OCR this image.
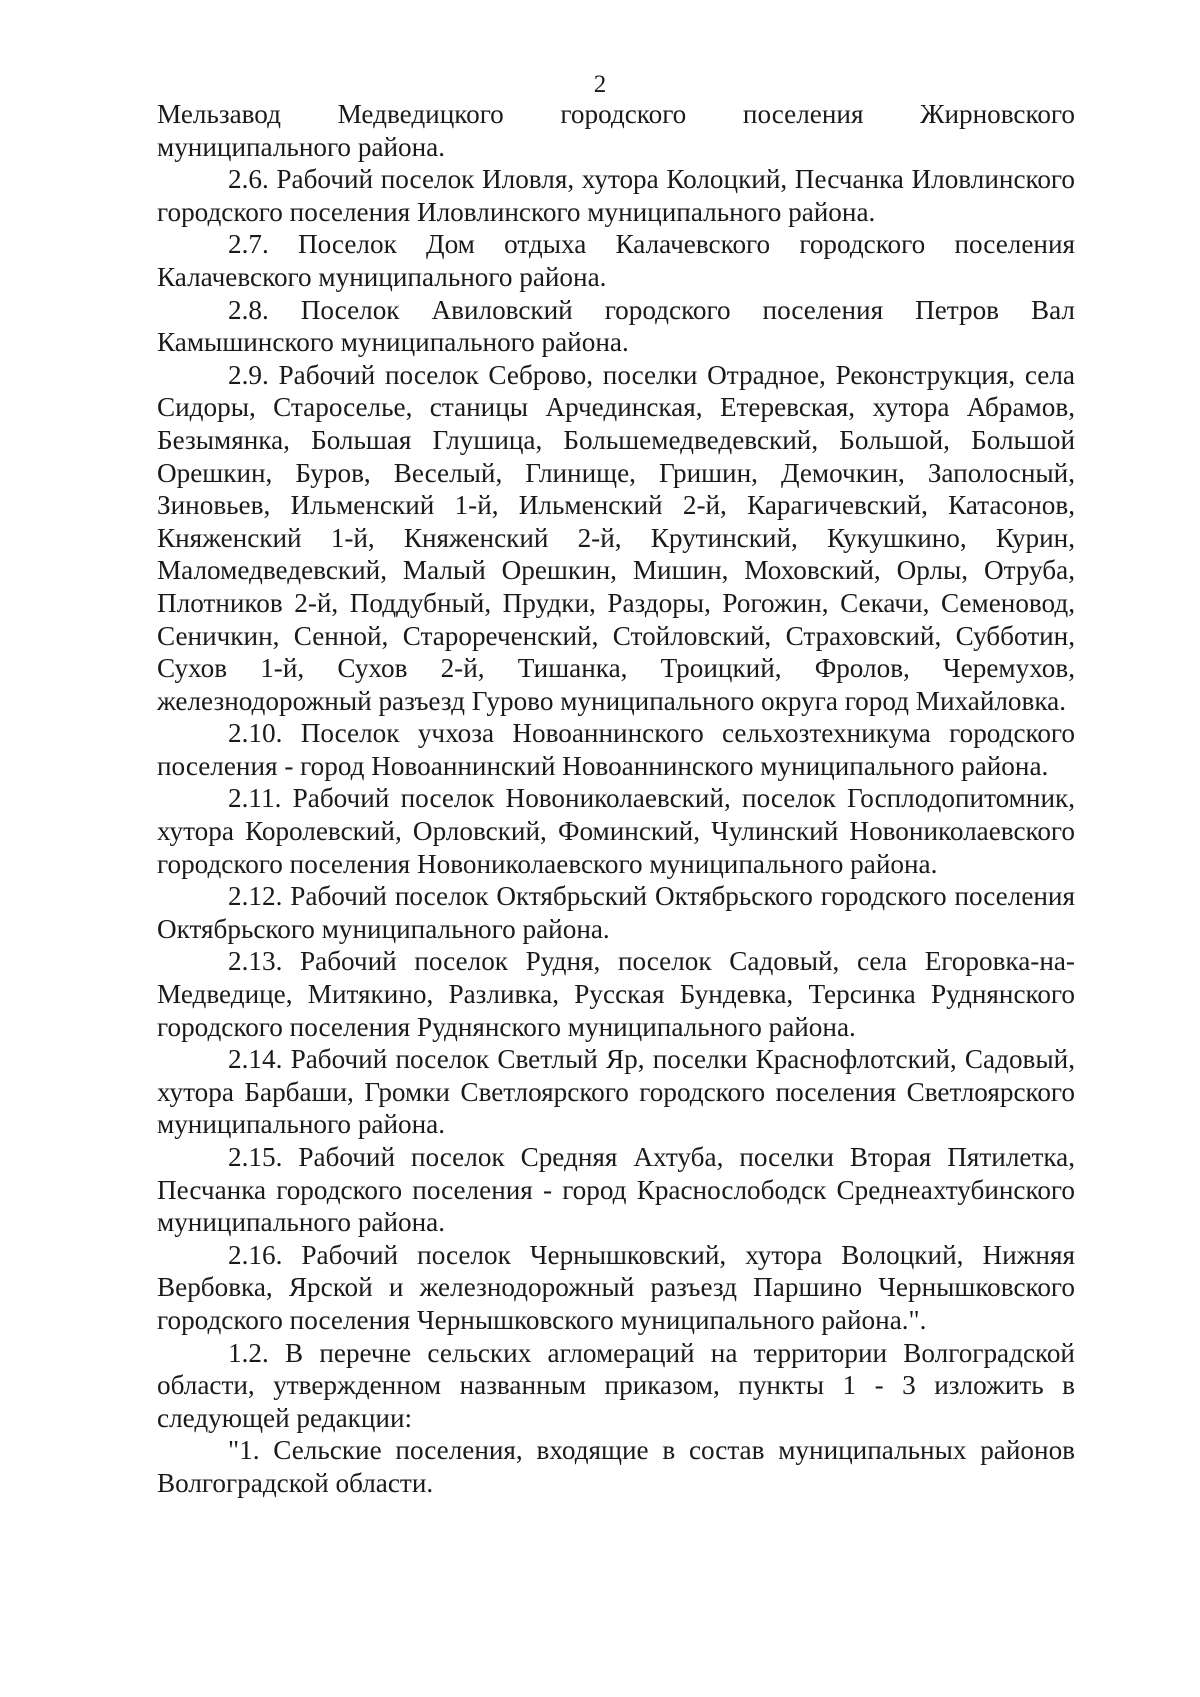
2

Мельзавод Медведицкого городского поселения Жирновского муниципального района.

2.6. Рабочий поселок Иловля, хутора Колоцкий, Песчанка Иловлинского городского поселения Иловлинского муниципального района.

2.7. Поселок Дом отдыха Калачевского городского поселения Калачевского муниципального района.

2.8. Поселок Авиловский городского поселения Петров Вал Камышинского муниципального района.

2.9. Рабочий поселок Себрово, поселки Отрадное, Реконструкция, села Сидоры, Староселье, станицы Арчединская, Етеревская, хутора Абрамов, Безымянка, Большая Глушица, Большемедведевский, Большой, Большой Орешкин, Буров, Веселый, Глинище, Гришин, Демочкин, Заполосный, Зиновьев, Ильменский 1-й, Ильменский 2-й, Карагичевский, Катасонов, Княженский 1-й, Княженский 2-й, Крутинский, Кукушкино, Курин, Маломедведевский, Малый Орешкин, Мишин, Моховский, Орлы, Отруба, Плотников 2-й, Поддубный, Прудки, Раздоры, Рогожин, Секачи, Семеновод, Сеничкин, Сенной, Старореченский, Стойловский, Страховский, Субботин, Сухов 1-й, Сухов 2-й, Тишанка, Троицкий, Фролов, Черемухов, железнодорожный разъезд Гурово муниципального округа город Михайловка.

2.10. Поселок учхоза Новоаннинского сельхозтехникума городского поселения - город Новоаннинский Новоаннинского муниципального района.

2.11. Рабочий поселок Новониколаевский, поселок Госплодопитомник, хутора Королевский, Орловский, Фоминский, Чулинский Новониколаевского городского поселения Новониколаевского муниципального района.

2.12. Рабочий поселок Октябрьский Октябрьского городского поселения Октябрьского муниципального района.

2.13. Рабочий поселок Рудня, поселок Садовый, села Егоровка-на-Медведице, Митякино, Разливка, Русская Бундевка, Терсинка Руднянского городского поселения Руднянского муниципального района.

2.14. Рабочий поселок Светлый Яр, поселки Краснофлотский, Садовый, хутора Барбаши, Громки Светлоярского городского поселения Светлоярского муниципального района.

2.15. Рабочий поселок Средняя Ахтуба, поселки Вторая Пятилетка, Песчанка городского поселения - город Краснослободск Среднеахтубинского муниципального района.

2.16. Рабочий поселок Чернышковский, хутора Волоцкий, Нижняя Вербовка, Ярской и железнодорожный разъезд Паршино Чернышковского городского поселения Чернышковского муниципального района.".

1.2. В перечне сельских агломераций на территории Волгоградской области, утвержденном названным приказом, пункты 1 - 3 изложить в следующей редакции:

"1. Сельские поселения, входящие в состав муниципальных районов Волгоградской области.
